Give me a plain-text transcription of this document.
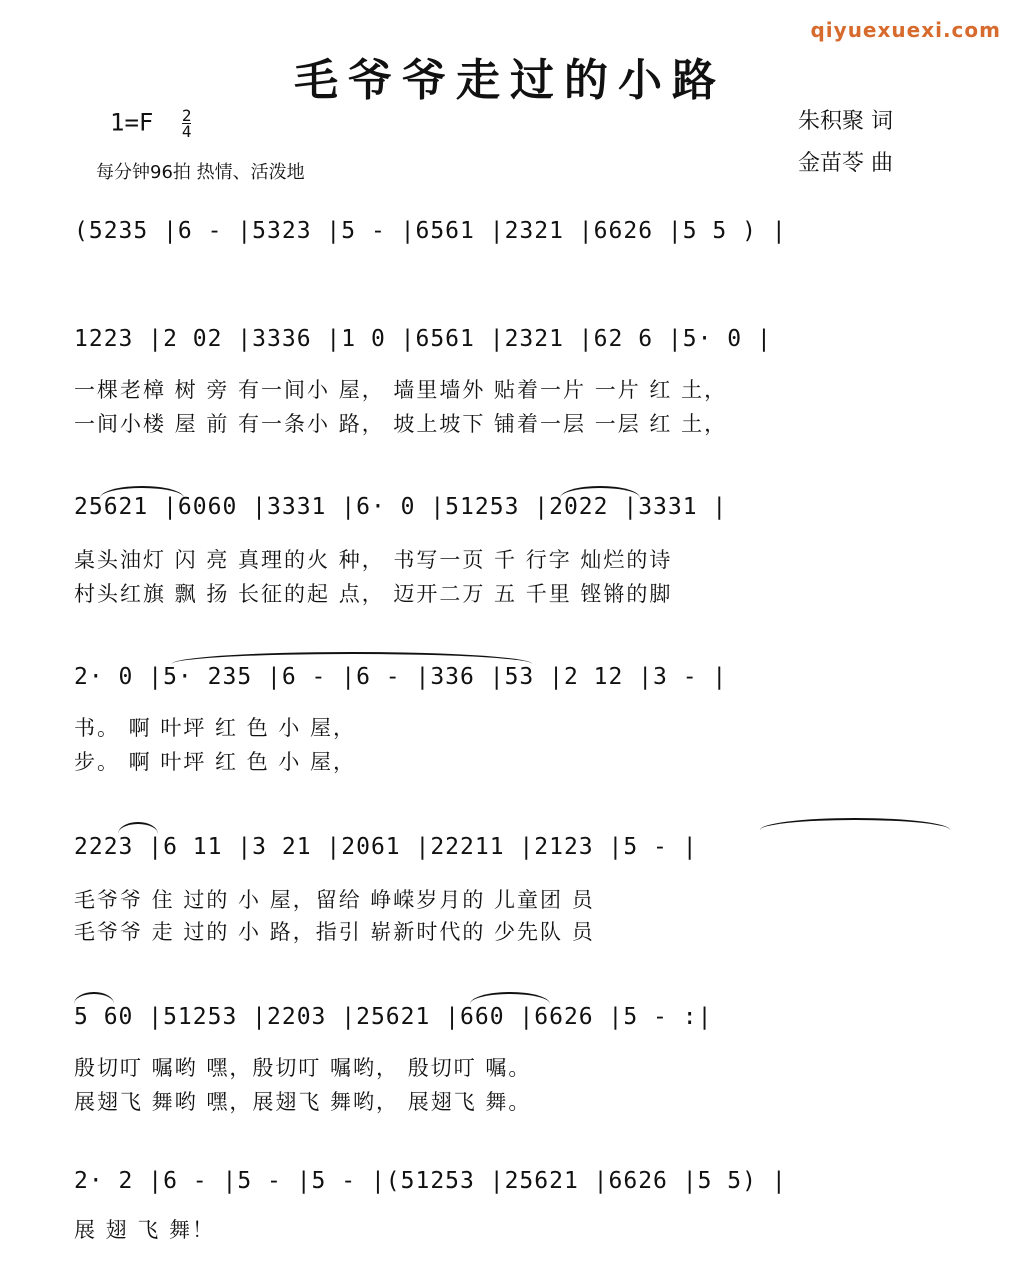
qiyuexuexi.com
毛爷爷走过的小路
$1=F \frac{2}{4}$
每分钟96拍 热情、活泼地
朱积聚 词
金苗苓 曲
(5235 |6 - |5323 |5 - |6561 |2321 |6626 |5 5 ) |
1223 |2 02 |3336 |1 0 |6561 |2321 |62 6 |5· 0 |
一棵老樟 树 旁 有一间小 屋， 墙里墙外 贴着一片 一片 红 土，
一间小楼 屋 前 有一条小 路， 坡上坡下 铺着一层 一层 红 土，
25621 |6060 |3331 |6· 0 |51253 |2022 |3331 |
桌头油灯 闪 亮 真理的火 种， 书写一页 千 行字 灿烂的诗
村头红旗 飘 扬 长征的起 点， 迈开二万 五 千里 铿锵的脚
2· 0 |5· 235 |6 - |6 - |336 |53 |2 12 |3 - |
书。 啊 叶坪 红 色 小 屋，
步。 啊 叶坪 红 色 小 屋，
2223 |6 11 |3 21 |2061 |22211 |2123 |5 - |
毛爷爷 住 过的 小 屋，留给 峥嵘岁月的 儿童团 员
毛爷爷 走 过的 小 路，指引 崭新时代的 少先队 员
5 60 |51253 |2203 |25621 |660 |6626 |5 - :|
殷切叮 嘱哟 嘿，殷切叮 嘱哟， 殷切叮 嘱。
展翅飞 舞哟 嘿，展翅飞 舞哟， 展翅飞 舞。
2· 2 |6 - |5 - |5 - |(51253 |25621 |6626 |5 5) |
展 翅 飞 舞！
